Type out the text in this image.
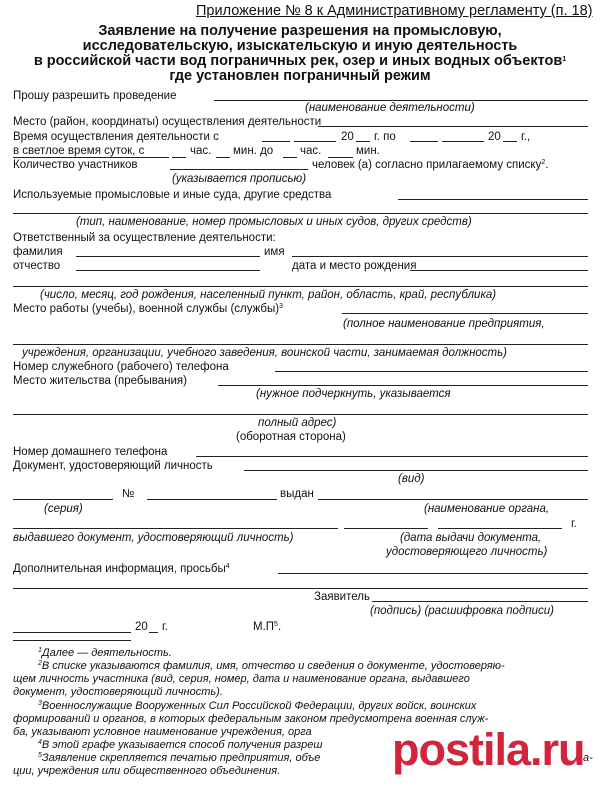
Приложение № 8 к Административному регламенту (п. 18)
Заявление на получение разрешения на промысловую,
исследовательскую, изыскательскую и иную деятельность
в российской части вод пограничных рек, озер и иных водных объектов$^1$
где установлен пограничный режим
Прошу разрешить проведение
(наименование деятельности)
Место (район, координаты) осуществления деятельности
Время осуществления деятельности с	20 г. по	20 г.,
в светлое время суток, с	час. мин. до час.	мин.
Количество участников	человек (а) согласно прилагаемому списку$^2$.
(указывается прописью)
Используемые промысловые и иные суда, другие средства
(тип, наименование, номер промысловых и иных судов, других средств)
Ответственный за осуществление деятельности:
фамилия	имя
отчество	дата и место рождения
(число, месяц, год рождения, населенный пункт, район, область, край, республика)
Место работы (учебы), военной службы (службы)$^3$
(полное наименование предприятия,
учреждения, организации, учебного заведения, воинской части, занимаемая должность)
Номер служебного (рабочего) телефона
Место жительства (пребывания)
(нужное подчеркнуть, указывается
полный адрес)
(оборотная сторона)
Номер домашнего телефона
Документ, удостоверяющий личность
(вид)
№	выдан
(серия)	(наименование органа,
г.
выдавшего документ, удостоверяющий личность)	(дата выдачи документа,
удостоверяющего личность)
Дополнительная информация, просьбы$^4$
Заявитель
(подпись) (расшифровка подписи)
20 г.	$М.П^5$.
$^1$Далее — деятельность.
$^2$В списке указываются фамилия, имя, отчество и сведения о документе, удостоверяю-
щем личность участника (вид, серия, номер, дата и наименование органа, выдавшего
документ, удостоверяющий личность).
$^3$Военнослужащие Вооруженных Сил Российской Федерации, других войск, воинских
формирований и органов, в которых федеральным законом предусмотрена военная служ-
ба, указывают условное наименование учреждения, орга
$^4$В этой графе указывается способ получения разреш
$^5$Заявление скрепляется печатью предприятия, объе
ции, учреждения или общественного объединения. postila.ru
а-
